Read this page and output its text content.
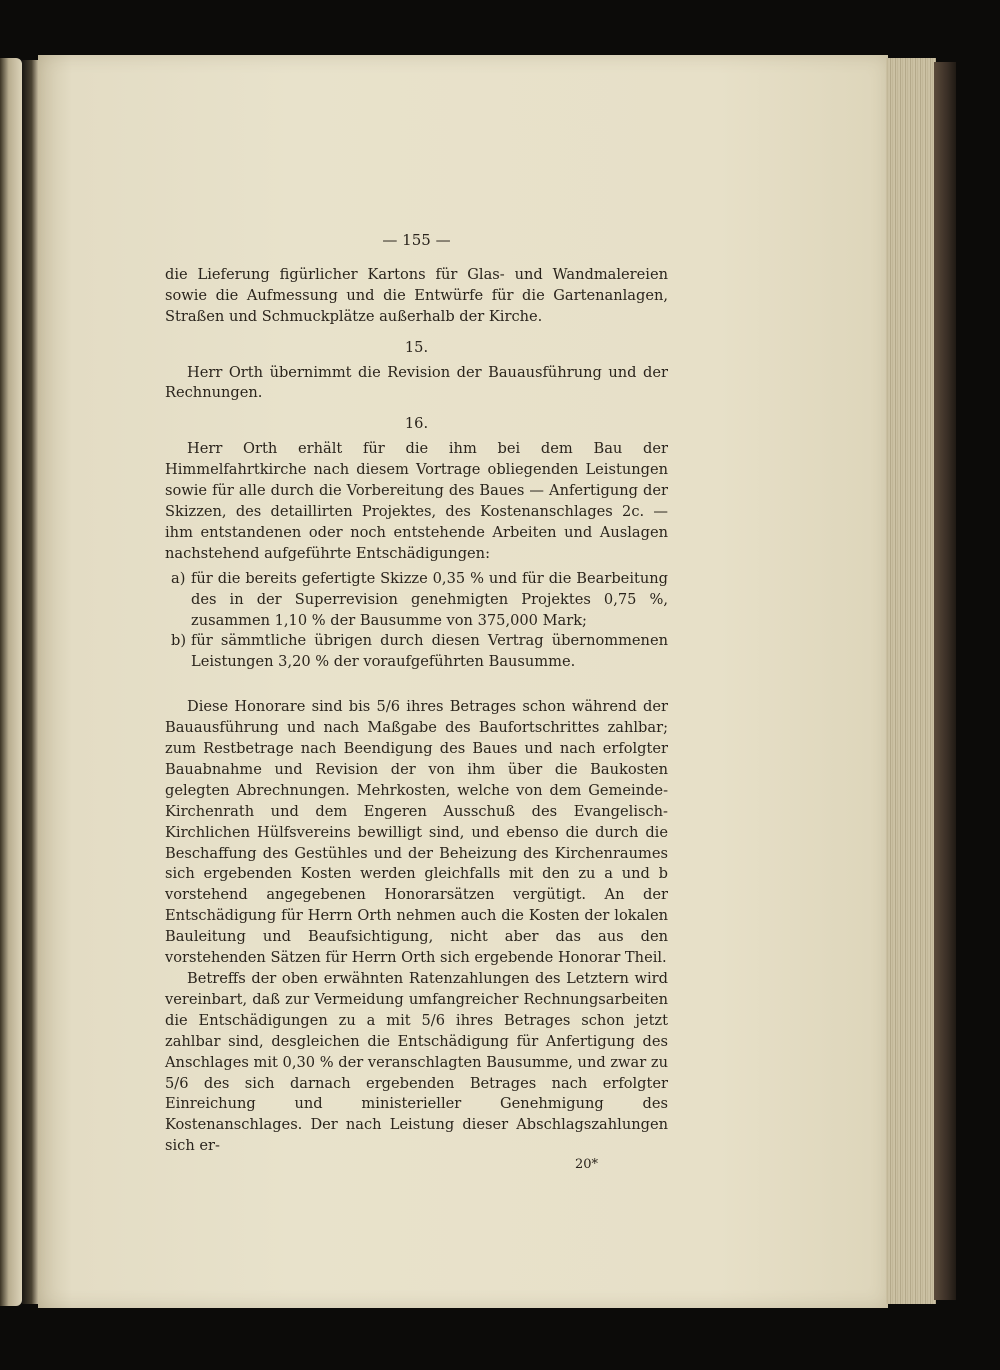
— 155 —

die Lieferung figürlicher Kartons für Glas- und Wandmalereien sowie die Aufmessung und die Entwürfe für die Gartenanlagen, Straßen und Schmuckplätze außerhalb der Kirche.

15.

Herr Orth übernimmt die Revision der Bauausführung und der Rechnungen.

16.

Herr Orth erhält für die ihm bei dem Bau der Himmelfahrtkirche nach diesem Vortrage obliegenden Leistungen sowie für alle durch die Vorbereitung des Baues — Anfertigung der Skizzen, des detaillirten Projektes, des Kostenanschlages 2c. — ihm entstandenen oder noch entstehende Arbeiten und Auslagen nachstehend aufgeführte Entschädigungen:

a) für die bereits gefertigte Skizze 0,35 % und für die Bearbeitung des in der Superrevision genehmigten Projektes 0,75 %, zusammen 1,10 % der Bausumme von 375,000 Mark;
b) für sämmtliche übrigen durch diesen Vertrag übernommenen Leistungen 3,20 % der voraufgeführten Bausumme.

Diese Honorare sind bis 5/6 ihres Betrages schon während der Bauausführung und nach Maßgabe des Baufortschrittes zahlbar; zum Restbetrage nach Beendigung des Baues und nach erfolgter Bauabnahme und Revision der von ihm über die Baukosten gelegten Abrechnungen. Mehrkosten, welche von dem Gemeinde-Kirchenrath und dem Engeren Ausschuß des Evangelisch-Kirchlichen Hülfsvereins bewilligt sind, und ebenso die durch die Beschaffung des Gestühles und der Beheizung des Kirchenraumes sich ergebenden Kosten werden gleichfalls mit den zu a und b vorstehend angegebenen Honorarsätzen vergütigt. An der Entschädigung für Herrn Orth nehmen auch die Kosten der lokalen Bauleitung und Beaufsichtigung, nicht aber das aus den vorstehenden Sätzen für Herrn Orth sich ergebende Honorar Theil.

Betreffs der oben erwähnten Ratenzahlungen des Letztern wird vereinbart, daß zur Vermeidung umfangreicher Rechnungsarbeiten die Entschädigungen zu a mit 5/6 ihres Betrages schon jetzt zahlbar sind, desgleichen die Entschädigung für Anfertigung des Anschlages mit 0,30 % der veranschlagten Bausumme, und zwar zu 5/6 des sich darnach ergebenden Betrages nach erfolgter Einreichung und ministerieller Genehmigung des Kostenanschlages. Der nach Leistung dieser Abschlagszahlungen sich er-

20*
